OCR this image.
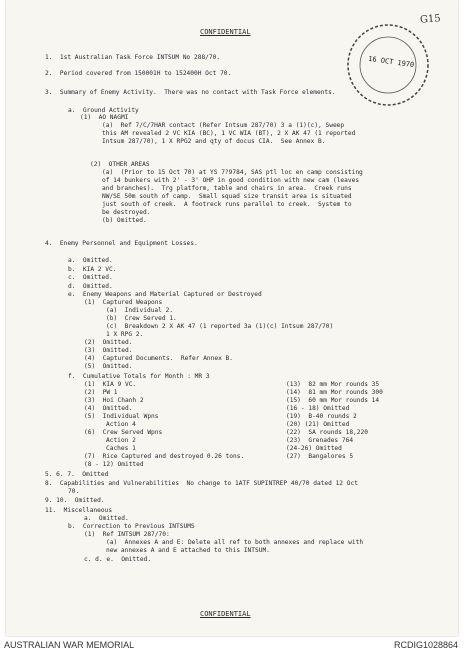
CONFIDENTIAL
G15
16 OCT 1970
1.  1st Australian Task Force INTSUM No 288/70.
2.  Period covered from 150001H to 152400H Oct 70.
3.  Summary of Enemy Activity.  There was no contact with Task Force elements.
a.  Ground Activity
(1)  AO NAGMI
(a)  Ref 7/C/7HAR contact (Refer Intsum 287/70) 3 a (1)(c), Sweep
this AM revealed 2 VC KIA (BC), 1 VC WIA (BT), 2 X AK 47 (1 reported
Intsum 287/70), 1 X RPG2 and qty of docus CIA.  See Annex B.
(2)  OTHER AREAS
(a)  (Prior to 15 Oct 70) at YS 7?9784, SAS ptl loc en camp consisting
of 14 bunkers with 2' - 3' OHP in good condition with new cam (leaves
and branches).  Trg platform, table and chairs in area.  Creek runs
NW/SE 50m south of camp.  Small squad size transit area is situated
just south of creek.  A footreck runs parallel to creek.  System to
be destroyed.
(b) Omitted.
4.  Enemy Personnel and Equipment Losses.
a.  Omitted.
b.  KIA 2 VC.
c.  Omitted.
d.  Omitted.
e.  Enemy Weapons and Material Captured or Destroyed
(1)  Captured Weapons
(a)  Individual 2.
(b)  Crew Served 1.
(c)  Breakdown 2 X AK 47 (1 reported 3a (1)(c) Intsum 287/70)
1 X RPG 2.
(2)  Omitted.
(3)  Omitted.
(4)  Captured Documents.  Refer Annex B.
(5)  Omitted.
f.  Cumulative Totals for Month : MR 3
(1)  KIA 9 VC.
(2)  PW 1
(3)  Hoi Chanh 2
(4)  Omitted.
(5)  Individual Wpns
Action 4
(6)  Crew Served Wpns
Action 2
Caches 1
(7)  Rice Captured and destroyed 0.26 tons.
(8 - 12) Omitted
(13)  82 mm Mor rounds 35
(14)  81 mm Mor rounds 300
(15)  60 mm Mor rounds 14
(16 - 18) Omitted
(19)  B-40 rounds 2
(20) (21) Omitted
(22)  SA rounds 18,220
(23)  Grenades 764
(24-26) Omitted
(27)  Bangalores 5
5. 6. 7.  Omitted
8.  Capabilities and Vulnerabilities  No change to 1ATF SUPINTREP 40/70 dated 12 Oct
70.
9. 10.  Omitted.
11.  Miscellaneous
a.  Omitted.
b.  Correction to Previous INTSUMS
(1)  Ref INTSUM 287/70:
(a)  Annexes A and E: Delete all ref to both annexes and replace with
new annexes A and E attached to this INTSUM.
c. d. e.  Omitted.
CONFIDENTIAL
AUSTRALIAN WAR MEMORIAL	RCDIG1028864
